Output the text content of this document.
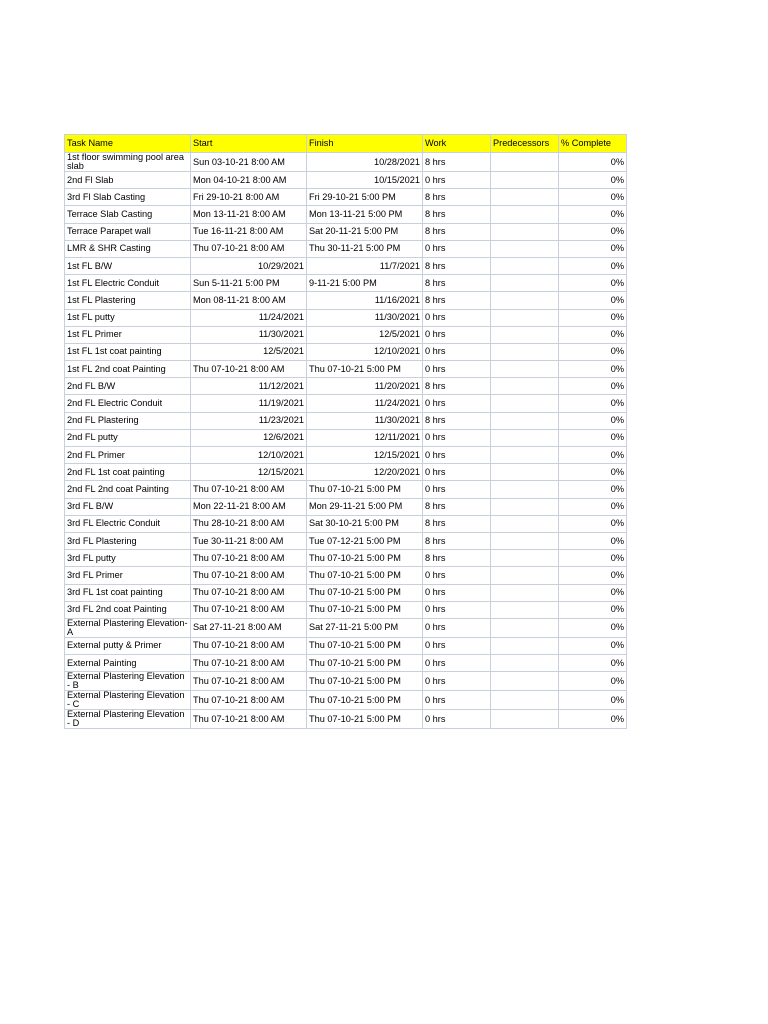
Task Name	Start	Finish	Work	Predecessors	% Complete
1st floor swimming pool area slab	Sun 03-10-21 8:00 AM	10/28/2021	8 hrs		0%
2nd Fl Slab	Mon 04-10-21 8:00 AM	10/15/2021	0 hrs		0%
3rd Fl Slab Casting	Fri 29-10-21 8:00 AM	Fri 29-10-21 5:00 PM	8 hrs		0%
Terrace Slab Casting	Mon 13-11-21 8:00 AM	Mon 13-11-21 5:00 PM	8 hrs		0%
Terrace Parapet wall	Tue 16-11-21 8:00 AM	Sat 20-11-21 5:00 PM	8 hrs		0%
LMR & SHR Casting	Thu 07-10-21 8:00 AM	Thu 30-11-21 5:00 PM	0 hrs		0%
1st FL B/W	10/29/2021	11/7/2021	8 hrs		0%
1st FL Electric Conduit	Sun 5-11-21 5:00 PM	9-11-21 5:00 PM	8 hrs		0%
1st FL Plastering	Mon 08-11-21 8:00 AM	11/16/2021	8 hrs		0%
1st FL putty	11/24/2021	11/30/2021	0 hrs		0%
1st FL Primer	11/30/2021	12/5/2021	0 hrs		0%
1st FL 1st coat painting	12/5/2021	12/10/2021	0 hrs		0%
1st FL 2nd coat Painting	Thu 07-10-21 8:00 AM	Thu 07-10-21 5:00 PM	0 hrs		0%
2nd FL B/W	11/12/2021	11/20/2021	8 hrs		0%
2nd FL Electric Conduit	11/19/2021	11/24/2021	0 hrs		0%
2nd FL Plastering	11/23/2021	11/30/2021	8 hrs		0%
2nd FL putty	12/6/2021	12/11/2021	0 hrs		0%
2nd FL Primer	12/10/2021	12/15/2021	0 hrs		0%
2nd FL 1st coat painting	12/15/2021	12/20/2021	0 hrs		0%
2nd FL 2nd coat Painting	Thu 07-10-21 8:00 AM	Thu 07-10-21 5:00 PM	0 hrs		0%
3rd FL B/W	Mon 22-11-21 8:00 AM	Mon 29-11-21 5:00 PM	8 hrs		0%
3rd FL Electric Conduit	Thu 28-10-21 8:00 AM	Sat 30-10-21 5:00 PM	8 hrs		0%
3rd FL Plastering	Tue 30-11-21 8:00 AM	Tue 07-12-21 5:00 PM	8 hrs		0%
3rd FL putty	Thu 07-10-21 8:00 AM	Thu 07-10-21 5:00 PM	8 hrs		0%
3rd FL Primer	Thu 07-10-21 8:00 AM	Thu 07-10-21 5:00 PM	0 hrs		0%
3rd FL 1st coat painting	Thu 07-10-21 8:00 AM	Thu 07-10-21 5:00 PM	0 hrs		0%
3rd FL 2nd coat Painting	Thu 07-10-21 8:00 AM	Thu 07-10-21 5:00 PM	0 hrs		0%
External Plastering Elevation- A	Sat 27-11-21 8:00 AM	Sat 27-11-21 5:00 PM	0 hrs		0%
External putty & Primer	Thu 07-10-21 8:00 AM	Thu 07-10-21 5:00 PM	0 hrs		0%
External Painting	Thu 07-10-21 8:00 AM	Thu 07-10-21 5:00 PM	0 hrs		0%
External Plastering Elevation - B	Thu 07-10-21 8:00 AM	Thu 07-10-21 5:00 PM	0 hrs		0%
External Plastering Elevation - C	Thu 07-10-21 8:00 AM	Thu 07-10-21 5:00 PM	0 hrs		0%
External Plastering Elevation - D	Thu 07-10-21 8:00 AM	Thu 07-10-21 5:00 PM	0 hrs		0%
